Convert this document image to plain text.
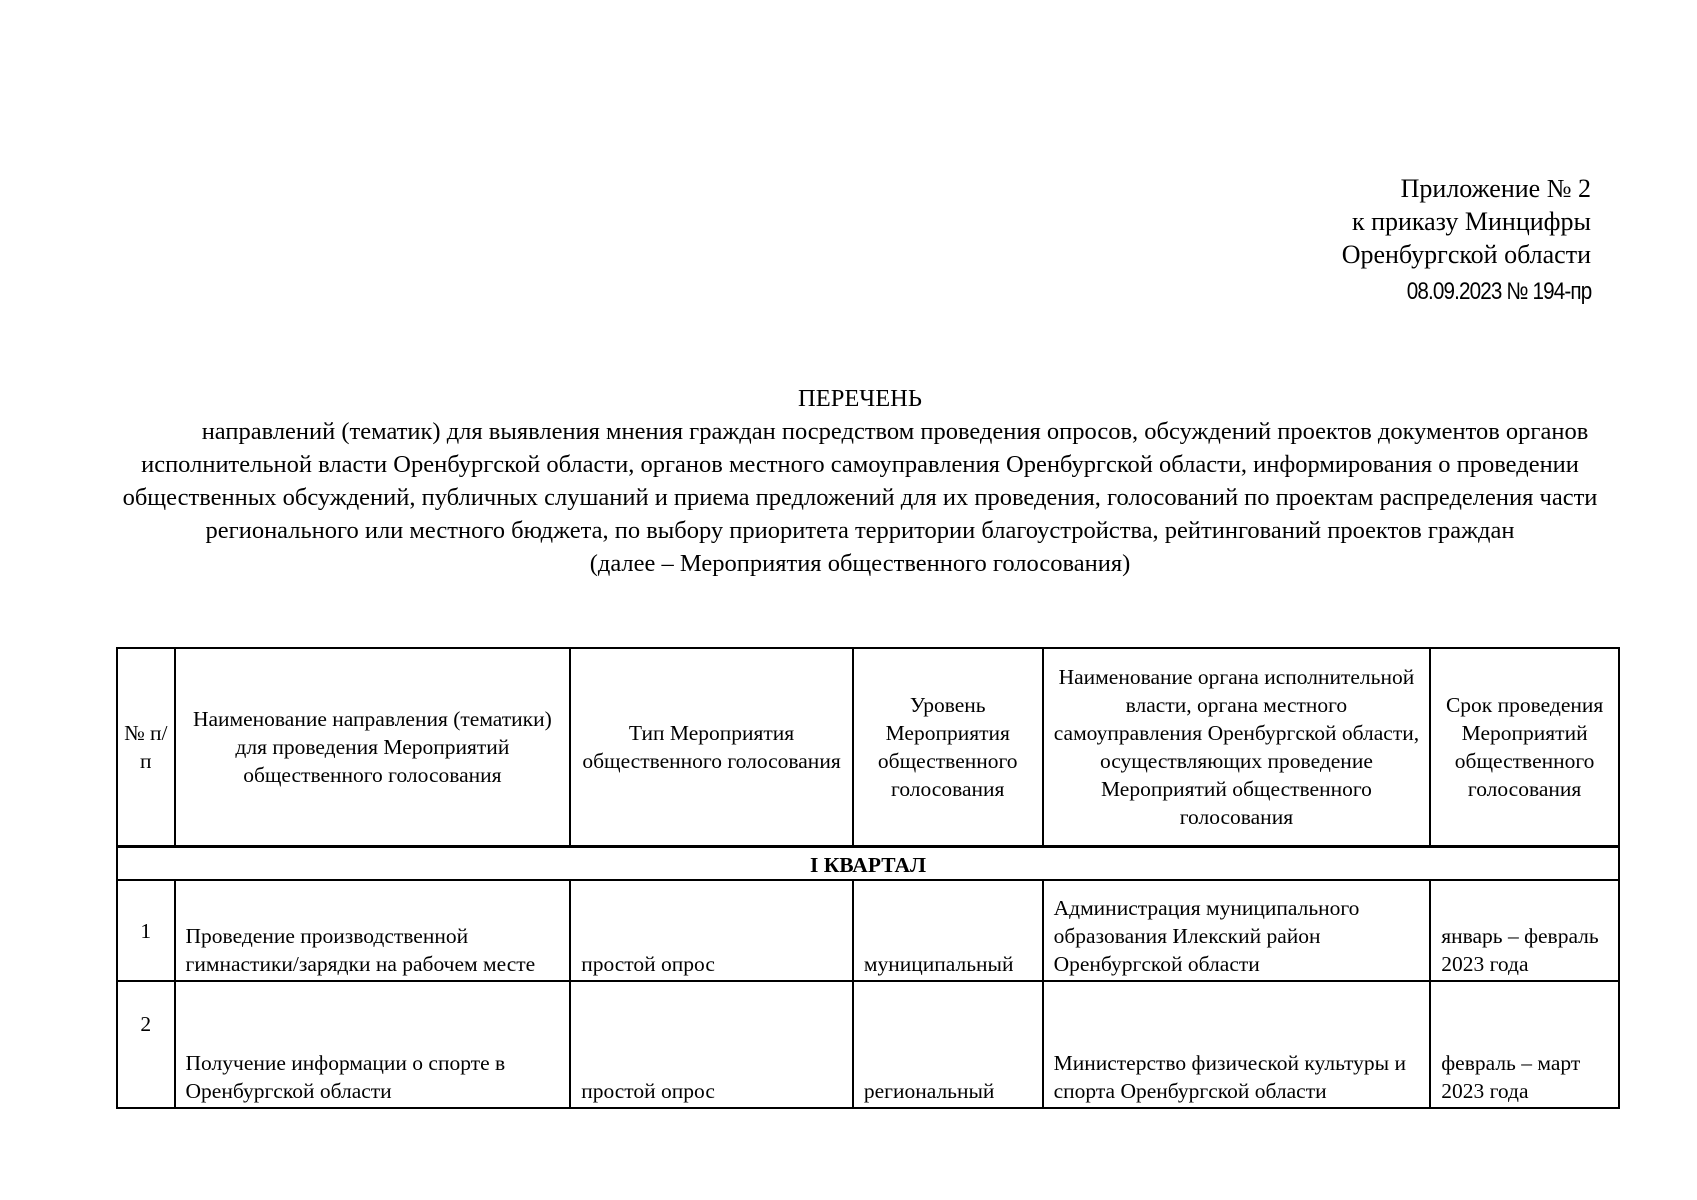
Приложение № 2
к приказу Минцифры
Оренбургской области
08.09.2023 № 194-пр
ПЕРЕЧЕНЬ
направлений (тематик) для выявления мнения граждан посредством проведения опросов, обсуждений проектов документов органов исполнительной власти Оренбургской области, органов местного самоуправления Оренбургской области, информирования о проведении общественных обсуждений, публичных слушаний и приема предложений для их проведения, голосований по проектам распределения части регионального или местного бюджета, по выбору приоритета территории благоустройства, рейтингований проектов граждан
(далее – Мероприятия общественного голосования)
№ п/п	Наименование направления (тематики) для проведения Мероприятий общественного голосования	Тип Мероприятия общественного голосования	Уровень Мероприятия общественного голосования	Наименование органа исполнительной власти, органа местного самоуправления Оренбургской области, осуществляющих проведение Мероприятий общественного голосования	Срок проведения Мероприятий общественного голосования
I КВАРТАЛ					
1	Проведение производственной гимнастики/зарядки на рабочем месте	простой опрос	муниципальный	Администрация муниципального образования Илекский район Оренбургской области	январь – февраль 2023 года
2	Получение информации о спорте в Оренбургской области	простой опрос	региональный	Министерство физической культуры и спорта Оренбургской области	февраль – март 2023 года
